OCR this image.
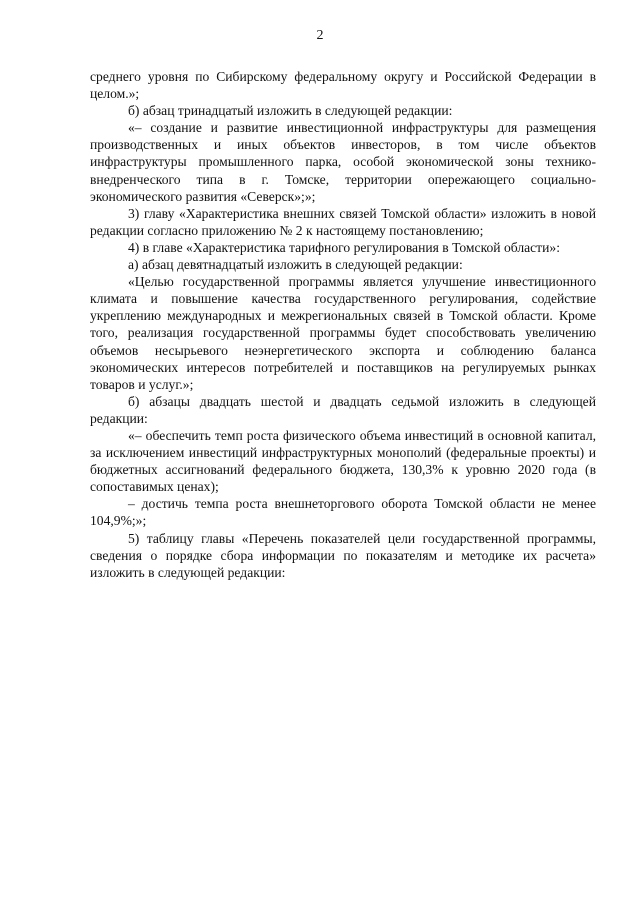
2

среднего уровня по Сибирскому федеральному округу и Российской Федерации в целом.»;

б) абзац тринадцатый изложить в следующей редакции:

«– создание и развитие инвестиционной инфраструктуры для размещения производственных и иных объектов инвесторов, в том числе объектов инфраструктуры промышленного парка, особой экономической зоны технико-внедренческого типа в г. Томске, территории опережающего социально-экономического развития «Северск»;»;

3) главу «Характеристика внешних связей Томской области» изложить в новой редакции согласно приложению № 2 к настоящему постановлению;

4) в главе «Характеристика тарифного регулирования в Томской области»:

а) абзац девятнадцатый изложить в следующей редакции:

«Целью государственной программы является улучшение инвестиционного климата и повышение качества государственного регулирования, содействие укреплению международных и межрегиональных связей в Томской области. Кроме того, реализация государственной программы будет способствовать увеличению объемов несырьевого неэнергетического экспорта и соблюдению баланса экономических интересов потребителей и поставщиков на регулируемых рынках товаров и услуг.»;

б) абзацы двадцать шестой и двадцать седьмой изложить в следующей редакции:

«– обеспечить темп роста физического объема инвестиций в основной капитал, за исключением инвестиций инфраструктурных монополий (федеральные проекты) и бюджетных ассигнований федерального бюджета, 130,3% к уровню 2020 года (в сопоставимых ценах);

– достичь темпа роста внешнеторгового оборота Томской области не менее 104,9%;»;

5) таблицу главы «Перечень показателей цели государственной программы, сведения о порядке сбора информации по показателям и методике их расчета» изложить в следующей редакции:
